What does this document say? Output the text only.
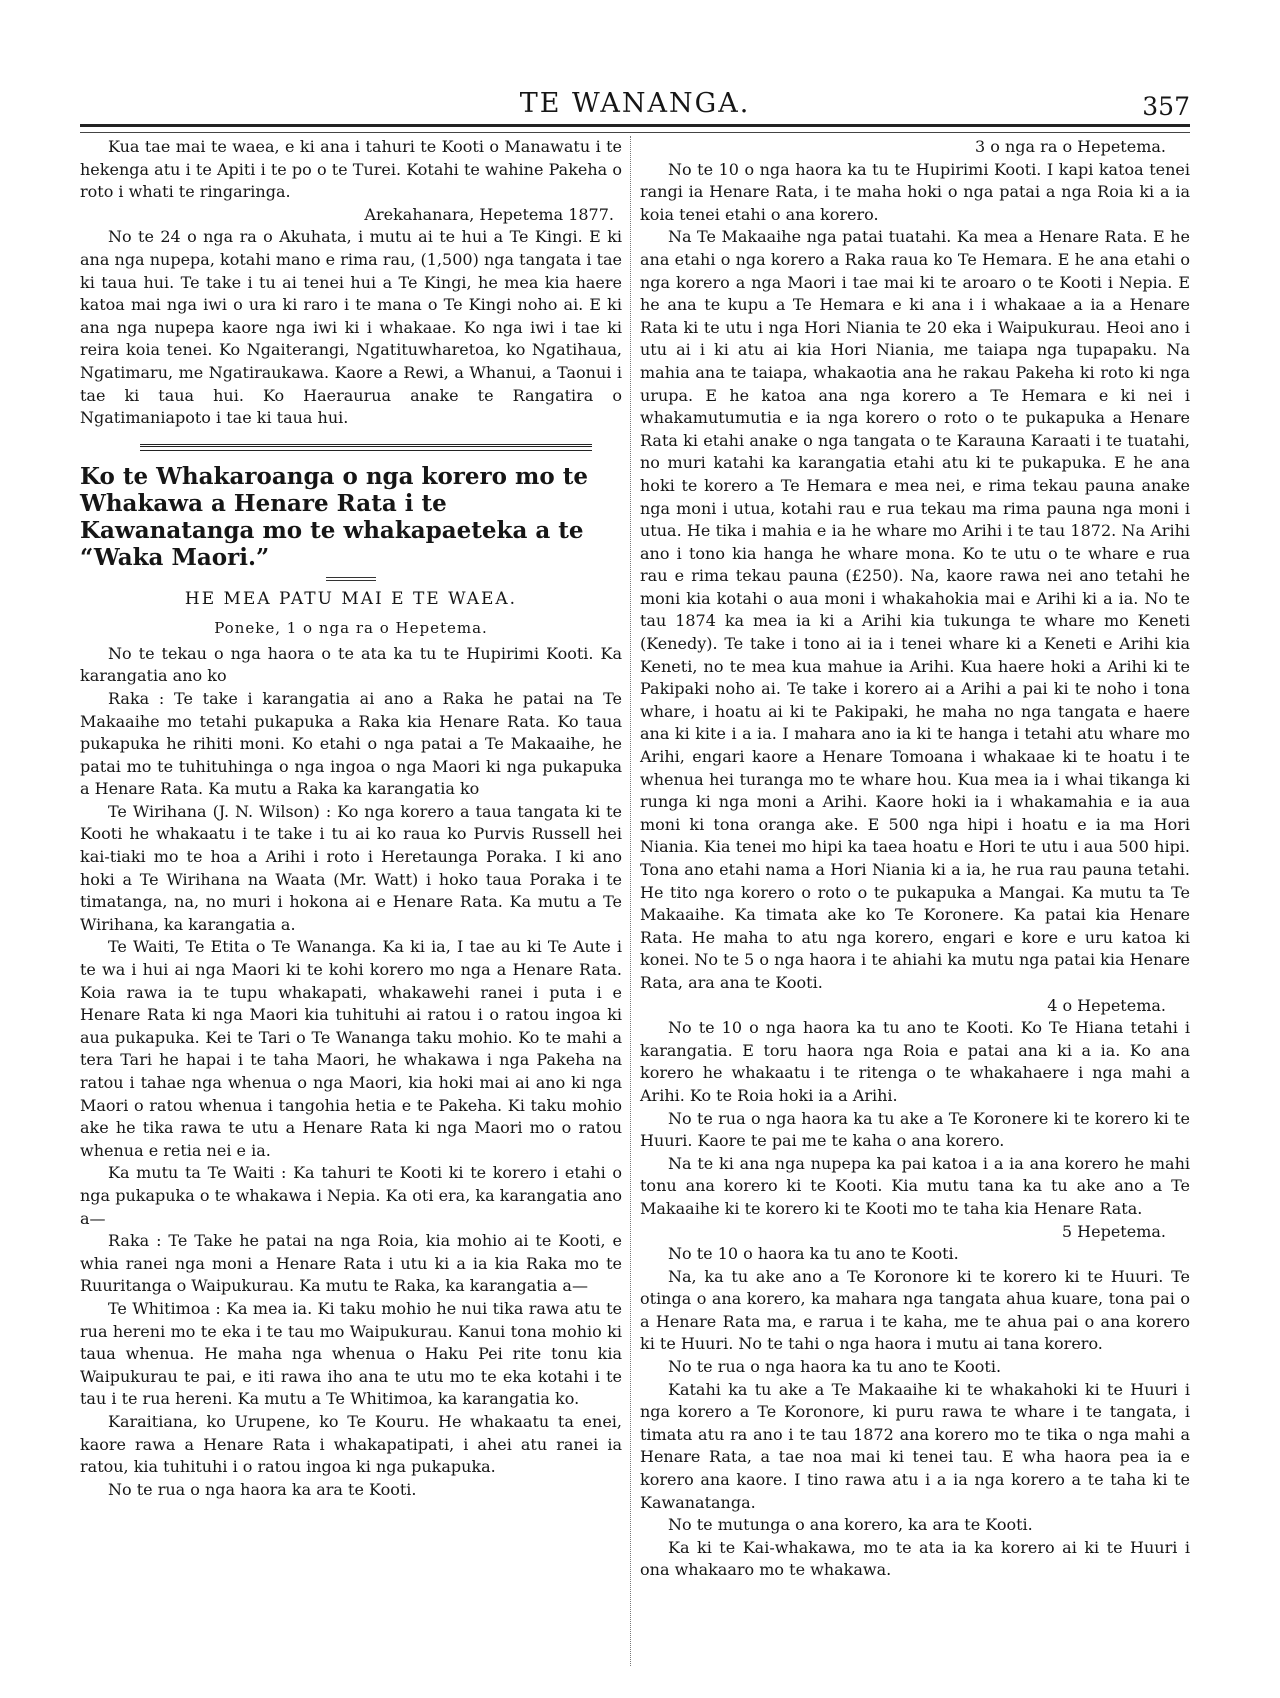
TE WANANGA.	357

Kua tae mai te waea, e ki ana i tahuri te Kooti o Manawatu i te hekenga atu i te Apiti i te po o te Turei. Kotahi te wahine Pakeha o roto i whati te ringaringa.

Arekahanara, Hepetema 1877.

No te 24 o nga ra o Akuhata, i mutu ai te hui a Te Kingi. E ki ana nga nupepa, kotahi mano e rima rau, (1,500) nga tangata i tae ki taua hui. Te take i tu ai tenei hui a Te Kingi, he mea kia haere katoa mai nga iwi o ura ki raro i te mana o Te Kingi noho ai. E ki ana nga nupepa kaore nga iwi ki i whakaae. Ko nga iwi i tae ki reira koia tenei. Ko Ngaiterangi, Ngatituwharetoa, ko Ngatihaua, Ngatimaru, me Ngatiraukawa. Kaore a Rewi, a Whanui, a Taonui i tae ki taua hui. Ko Haeraurua anake te Rangatira o Ngatimaniapoto i tae ki taua hui.

Ko te Whakaroanga o nga korero mo te Whakawa a Henare Rata i te Kawanatanga mo te whakapaeteka a te “Waka Maori.”
HE MEA PATU MAI E TE WAEA.
Poneke, 1 o nga ra o Hepetema.

No te tekau o nga haora o te ata ka tu te Hupirimi Kooti. Ka karangatia ano ko

Raka : Te take i karangatia ai ano a Raka he patai na Te Makaaihe mo tetahi pukapuka a Raka kia Henare Rata. Ko taua pukapuka he rihiti moni. Ko etahi o nga patai a Te Makaaihe, he patai mo te tuhituhinga o nga ingoa o nga Maori ki nga pukapuka a Henare Rata. Ka mutu a Raka ka karangatia ko

Te Wirihana (J. N. Wilson) : Ko nga korero a taua tangata ki te Kooti he whakaatu i te take i tu ai ko raua ko Purvis Russell hei kai-tiaki mo te hoa a Arihi i roto i Heretaunga Poraka. I ki ano hoki a Te Wirihana na Waata (Mr. Watt) i hoko taua Poraka i te timatanga, na, no muri i hokona ai e Henare Rata. Ka mutu a Te Wirihana, ka karangatia a.

Te Waiti, Te Etita o Te Wananga. Ka ki ia, I tae au ki Te Aute i te wa i hui ai nga Maori ki te kohi korero mo nga a Henare Rata. Koia rawa ia te tupu whakapati, whakawehi ranei i puta i e Henare Rata ki nga Maori kia tuhituhi ai ratou i o ratou ingoa ki aua pukapuka. Kei te Tari o Te Wananga taku mohio. Ko te mahi a tera Tari he hapai i te taha Maori, he whakawa i nga Pakeha na ratou i tahae nga whenua o nga Maori, kia hoki mai ai ano ki nga Maori o ratou whenua i tangohia hetia e te Pakeha. Ki taku mohio ake he tika rawa te utu a Henare Rata ki nga Maori mo o ratou whenua e retia nei e ia.

Ka mutu ta Te Waiti : Ka tahuri te Kooti ki te korero i etahi o nga pukapuka o te whakawa i Nepia. Ka oti era, ka karangatia ano a—

Raka : Te Take he patai na nga Roia, kia mohio ai te Kooti, e whia ranei nga moni a Henare Rata i utu ki a ia kia Raka mo te Ruuritanga o Waipukurau. Ka mutu te Raka, ka karangatia a—

Te Whitimoa : Ka mea ia. Ki taku mohio he nui tika rawa atu te rua hereni mo te eka i te tau mo Waipukurau. Kanui tona mohio ki taua whenua. He maha nga whenua o Haku Pei rite tonu kia Waipukurau te pai, e iti rawa iho ana te utu mo te eka kotahi i te tau i te rua hereni. Ka mutu a Te Whitimoa, ka karangatia ko.

Karaitiana, ko Urupene, ko Te Kouru. He whakaatu ta enei, kaore rawa a Henare Rata i whakapatipati, i ahei atu ranei ia ratou, kia tuhituhi i o ratou ingoa ki nga pukapuka.

No te rua o nga haora ka ara te Kooti.

3 o nga ra o Hepetema.

No te 10 o nga haora ka tu te Hupirimi Kooti. I kapi katoa tenei rangi ia Henare Rata, i te maha hoki o nga patai a nga Roia ki a ia koia tenei etahi o ana korero.

Na Te Makaaihe nga patai tuatahi. Ka mea a Henare Rata. E he ana etahi o nga korero a Raka raua ko Te Hemara. E he ana etahi o nga korero a nga Maori i tae mai ki te aroaro o te Kooti i Nepia. E he ana te kupu a Te Hemara e ki ana i i whakaae a ia a Henare Rata ki te utu i nga Hori Niania te 20 eka i Waipukurau. Heoi ano i utu ai i ki atu ai kia Hori Niania, me taiapa nga tupapaku. Na mahia ana te taiapa, whakaotia ana he rakau Pakeha ki roto ki nga urupa. E he katoa ana nga korero a Te Hemara e ki nei i whakamutumutia e ia nga korero o roto o te pukapuka a Henare Rata ki etahi anake o nga tangata o te Karauna Karaati i te tuatahi, no muri katahi ka karangatia etahi atu ki te pukapuka. E he ana hoki te korero a Te Hemara e mea nei, e rima tekau pauna anake nga moni i utua, kotahi rau e rua tekau ma rima pauna nga moni i utua. He tika i mahia e ia he whare mo Arihi i te tau 1872. Na Arihi ano i tono kia hanga he whare mona. Ko te utu o te whare e rua rau e rima tekau pauna (£250). Na, kaore rawa nei ano tetahi he moni kia kotahi o aua moni i whakahokia mai e Arihi ki a ia. No te tau 1874 ka mea ia ki a Arihi kia tukunga te whare mo Keneti (Kenedy). Te take i tono ai ia i tenei whare ki a Keneti e Arihi kia Keneti, no te mea kua mahue ia Arihi. Kua haere hoki a Arihi ki te Pakipaki noho ai. Te take i korero ai a Arihi a pai ki te noho i tona whare, i hoatu ai ki te Pakipaki, he maha no nga tangata e haere ana ki kite i a ia. I mahara ano ia ki te hanga i tetahi atu whare mo Arihi, engari kaore a Henare Tomoana i whakaae ki te hoatu i te whenua hei turanga mo te whare hou. Kua mea ia i whai tikanga ki runga ki nga moni a Arihi. Kaore hoki ia i whakamahia e ia aua moni ki tona oranga ake. E 500 nga hipi i hoatu e ia ma Hori Niania. Kia tenei mo hipi ka taea hoatu e Hori te utu i aua 500 hipi. Tona ano etahi nama a Hori Niania ki a ia, he rua rau pauna tetahi. He tito nga korero o roto o te pukapuka a Mangai. Ka mutu ta Te Makaaihe. Ka timata ake ko Te Koronere. Ka patai kia Henare Rata. He maha to atu nga korero, engari e kore e uru katoa ki konei. No te 5 o nga haora i te ahiahi ka mutu nga patai kia Henare Rata, ara ana te Kooti.

4 o Hepetema.

No te 10 o nga haora ka tu ano te Kooti. Ko Te Hiana tetahi i karangatia. E toru haora nga Roia e patai ana ki a ia. Ko ana korero he whakaatu i te ritenga o te whakahaere i nga mahi a Arihi. Ko te Roia hoki ia a Arihi.

No te rua o nga haora ka tu ake a Te Koronere ki te korero ki te Huuri. Kaore te pai me te kaha o ana korero.

Na te ki ana nga nupepa ka pai katoa i a ia ana korero he mahi tonu ana korero ki te Kooti. Kia mutu tana ka tu ake ano a Te Makaaihe ki te korero ki te Kooti mo te taha kia Henare Rata.

5 Hepetema.

No te 10 o haora ka tu ano te Kooti.

Na, ka tu ake ano a Te Koronore ki te korero ki te Huuri. Te otinga o ana korero, ka mahara nga tangata ahua kuare, tona pai o a Henare Rata ma, e rarua i te kaha, me te ahua pai o ana korero ki te Huuri. No te tahi o nga haora i mutu ai tana korero.

No te rua o nga haora ka tu ano te Kooti.

Katahi ka tu ake a Te Makaaihe ki te whakahoki ki te Huuri i nga korero a Te Koronore, ki puru rawa te whare i te tangata, i timata atu ra ano i te tau 1872 ana korero mo te tika o nga mahi a Henare Rata, a tae noa mai ki tenei tau. E wha haora pea ia e korero ana kaore. I tino rawa atu i a ia nga korero a te taha ki te Kawanatanga.

No te mutunga o ana korero, ka ara te Kooti.

Ka ki te Kai-whakawa, mo te ata ia ka korero ai ki te Huuri i ona whakaaro mo te whakawa.
